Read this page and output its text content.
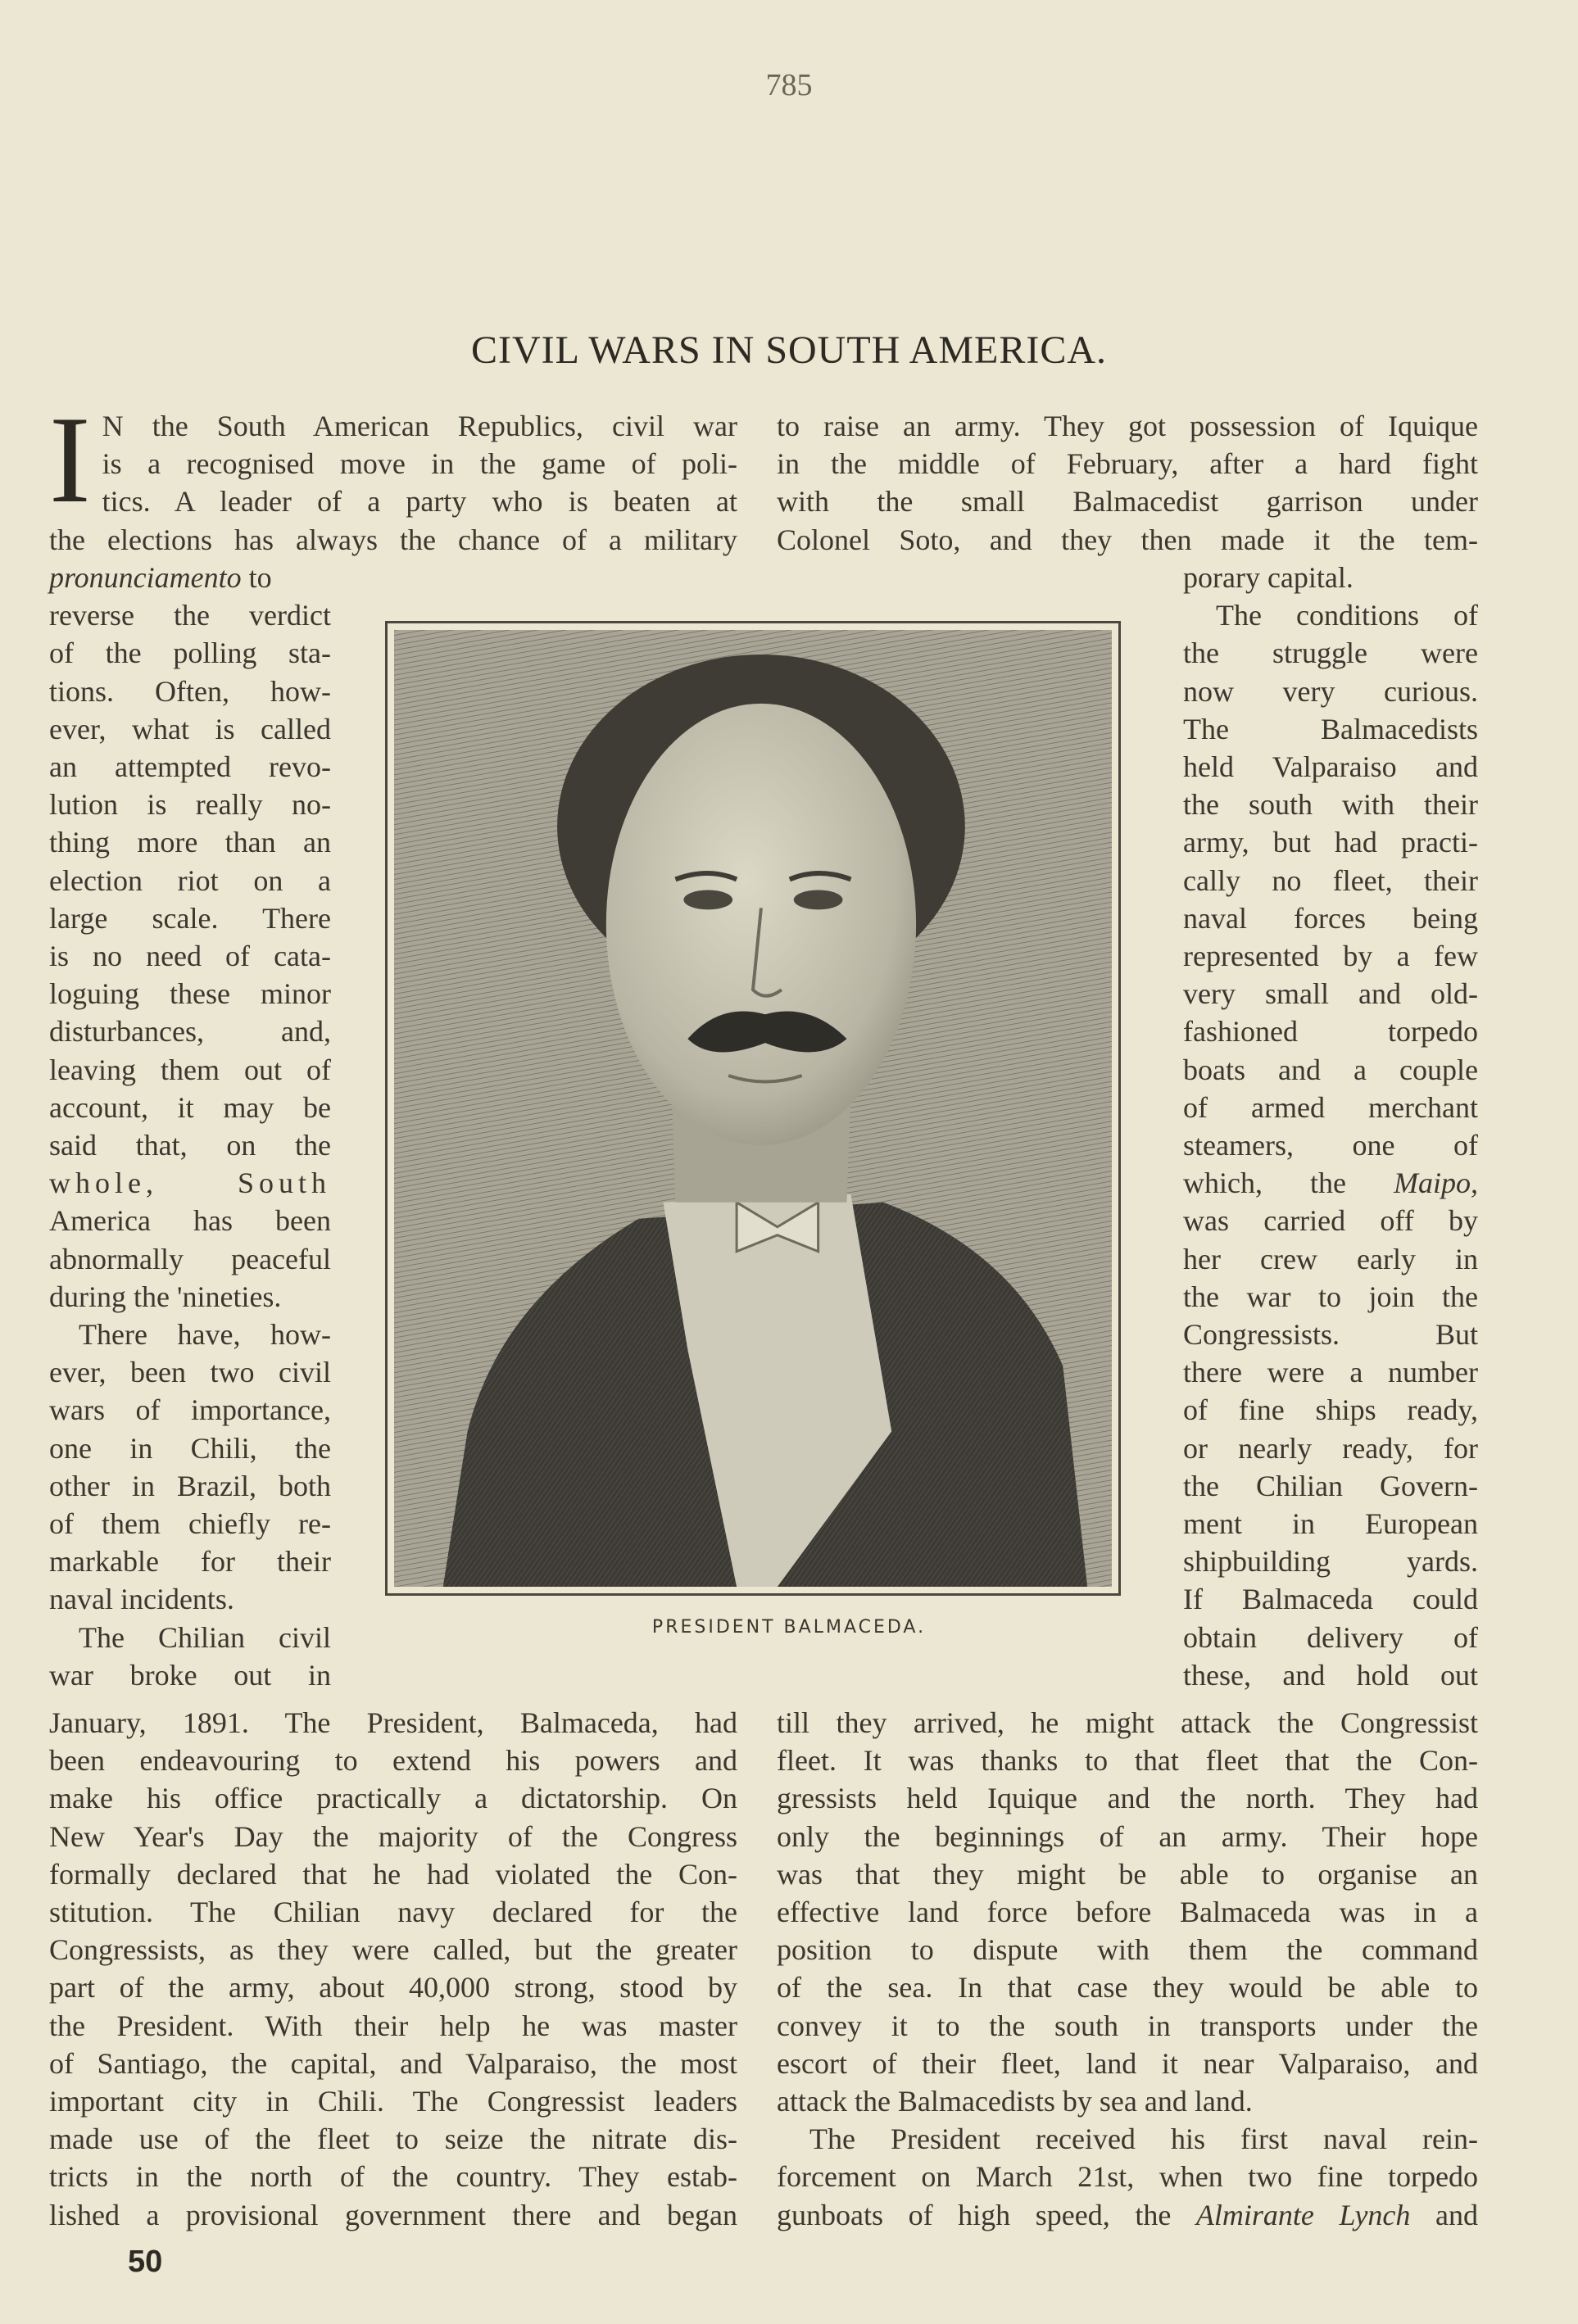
785
CIVIL WARS IN SOUTH AMERICA.
I N the South American Republics, civil war
is a recognised move in the game of poli-
tics. A leader of a party who is beaten at
the elections has always the chance of a military
pronunciamento to
reverse the verdict
of the polling sta-
tions. Often, how-
ever, what is called
an attempted revo-
lution is really no-
thing more than an
election riot on a
large scale. There
is no need of cata-
loguing these minor
disturbances, and,
leaving them out of
account, it may be
said that, on the
whole, South
America has been
abnormally peaceful
during the 'nineties.
There have, how-
ever, been two civil
wars of importance,
one in Chili, the
other in Brazil, both
of them chiefly re-
markable for their
naval incidents.
The Chilian civil
war broke out in
January, 1891. The President, Balmaceda, had
been endeavouring to extend his powers and
make his office practically a dictatorship. On
New Year's Day the majority of the Congress
formally declared that he had violated the Con-
stitution. The Chilian navy declared for the
Congressists, as they were called, but the greater
part of the army, about 40,000 strong, stood by
the President. With their help he was master
of Santiago, the capital, and Valparaiso, the most
important city in Chili. The Congressist leaders
made use of the fleet to seize the nitrate dis-
tricts in the north of the country. They estab-
lished a provisional government there and began
to raise an army. They got possession of Iquique
in the middle of February, after a hard fight
with the small Balmacedist garrison under
Colonel Soto, and they then made it the tem-
porary capital.
The conditions of
the struggle were
now very curious.
The Balmacedists
held Valparaiso and
the south with their
army, but had practi-
cally no fleet, their
naval forces being
represented by a few
very small and old-
fashioned torpedo
boats and a couple
of armed merchant
steamers, one of
which, the Maipo,
was carried off by
her crew early in
the war to join the
Congressists. But
there were a number
of fine ships ready,
or nearly ready, for
the Chilian Govern-
ment in European
shipbuilding yards.
If Balmaceda could
obtain delivery of
these, and hold out
till they arrived, he might attack the Congressist
fleet. It was thanks to that fleet that the Con-
gressists held Iquique and the north. They had
only the beginnings of an army. Their hope
was that they might be able to organise an
effective land force before Balmaceda was in a
position to dispute with them the command
of the sea. In that case they would be able to
convey it to the south in transports under the
escort of their fleet, land it near Valparaiso, and
attack the Balmacedists by sea and land.
The President received his first naval rein-
forcement on March 21st, when two fine torpedo
gunboats of high speed, the Almirante Lynch and
PRESIDENT BALMACEDA.
50
